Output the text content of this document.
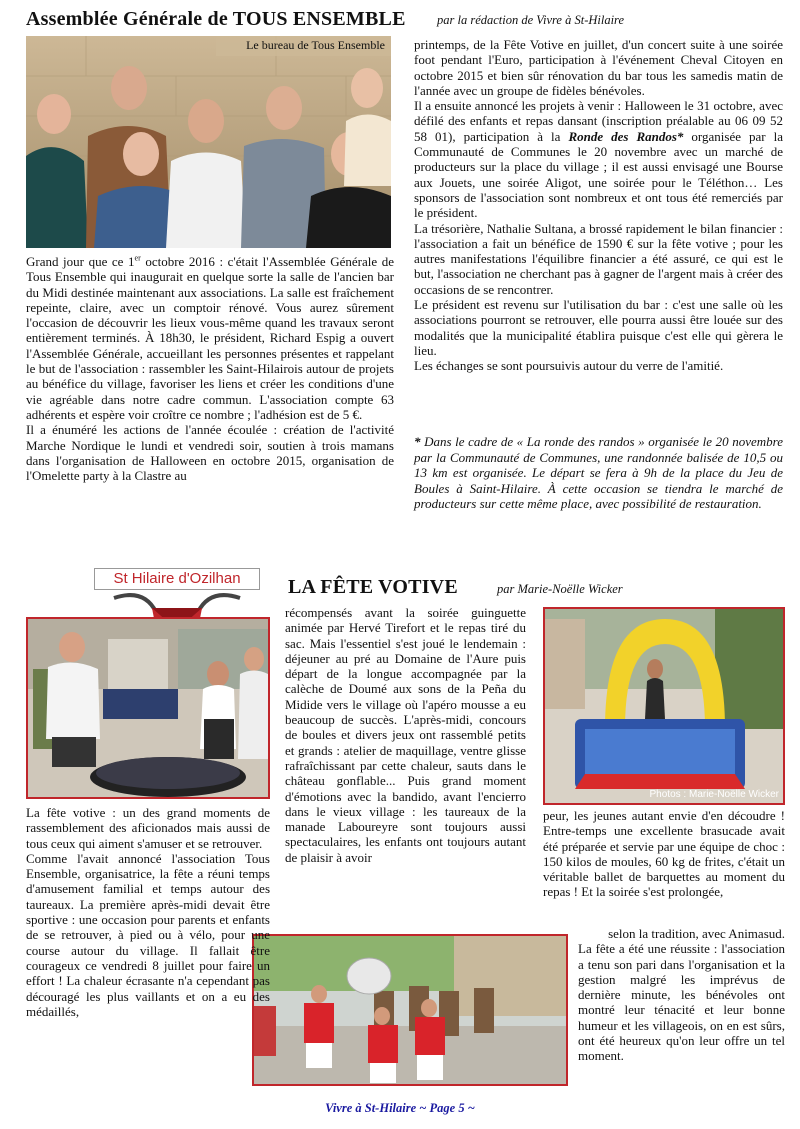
Assemblée Générale de TOUS ENSEMBLE	par la rédaction de Vivre à St-Hilaire
Le bureau de Tous Ensemble

Grand jour que ce 1er octobre 2016 : c'était l'Assemblée Générale de Tous Ensemble qui inaugurait en quelque sorte la salle de l'ancien bar du Midi destinée maintenant aux associations. La salle est fraîchement repeinte, claire, avec un comptoir rénové. Vous aurez sûrement l'occasion de découvrir les lieux vous-même quand les travaux seront entièrement terminés. À 18h30, le président, Richard Espig a ouvert l'Assemblée Générale, accueillant les personnes présentes et rappelant le but de l'association : rassembler les Saint-Hilairois autour de projets au bénéfice du village, favoriser les liens et créer les conditions d'une vie agréable dans notre cadre commun. L'association compte 63 adhérents et espère voir croître ce nombre ; l'adhésion est de 5 €.

Il a énuméré les actions de l'année écoulée : création de l'activité Marche Nordique le lundi et vendredi soir, soutien à trois mamans dans l'organisation de Halloween en octobre 2015, organisation de l'Omelette party à la Clastre au

printemps, de la Fête Votive en juillet, d'un concert suite à une soirée foot pendant l'Euro, participation à l'événement Cheval Citoyen en octobre 2015 et bien sûr rénovation du bar tous les samedis matin de l'année avec un groupe de fidèles bénévoles.

Il a ensuite annoncé les projets à venir : Halloween le 31 octobre, avec défilé des enfants et repas dansant (inscription préalable au 06 09 52 58 01), participation à la Ronde des Randos* organisée par la Communauté de Communes le 20 novembre avec un marché de producteurs sur la place du village ; il est aussi envisagé une Bourse aux Jouets, une soirée Aligot, une soirée pour le Téléthon… Les sponsors de l'association sont nombreux et ont tous été remerciés par le président.

La trésorière, Nathalie Sultana, a brossé rapidement le bilan financier : l'association a fait un bénéfice de 1590 € sur la fête votive ; pour les autres manifestations l'équilibre financier a été assuré, ce qui est le but, l'association ne cherchant pas à gagner de l'argent mais à créer des occasions de se rencontrer.

Le président est revenu sur l'utilisation du bar : c'est une salle où les associations pourront se retrouver, elle pourra aussi être louée sur des modalités que la municipalité établira puisque c'est elle qui gèrera le lieu.

Les échanges se sont poursuivis autour du verre de l'amitié.

* Dans le cadre de « La ronde des randos » organisée le 20 novembre par la Communauté de Communes, une randonnée balisée de 10,5 ou 13 km est organisée. Le départ se fera à 9h de la place du Jeu de Boules à Saint-Hilaire. À cette occasion se tiendra le marché de producteurs sur cette même place, avec possibilité de restauration.
St Hilaire d'Ozilhan	LA FÊTE VOTIVE	par Marie-Noëlle Wicker
Photos : Marie-Noëlle Wicker

La fête votive : un des grand moments de rassemblement des aficionados mais aussi de tous ceux qui aiment s'amuser et se retrouver.

Comme l'avait annoncé l'association Tous Ensemble, organisatrice, la fête a réuni temps d'amusement familial et temps autour des taureaux. La première après-midi devait être sportive : une occasion pour parents et enfants de se retrouver, à pied ou à vélo, pour une course autour du village. Il fallait être courageux ce vendredi 8 juillet pour faire un effort ! La chaleur écrasante n'a cependant pas découragé les plus vaillants et on a eu des médaillés,

récompensés avant la soirée guinguette animée par Hervé Tirefort et le repas tiré du sac. Mais l'essentiel s'est joué le lendemain : déjeuner au pré au Domaine de l'Aure puis départ de la longue accompagnée par la calèche de Doumé aux sons de la Peña du Midide vers le village où l'apéro mousse a eu beaucoup de succès. L'après-midi, concours de boules et divers jeux ont rassemblé petits et grands : atelier de maquillage, ventre glisse rafraîchissant par cette chaleur, sauts dans le château gonflable... Puis grand moment d'émotions avec la bandido, avant l'encierro dans le vieux village : les taureaux de la manade Laboureyre sont toujours aussi spectaculaires, les enfants ont toujours autant de plaisir à avoir

peur, les jeunes autant envie d'en découdre ! Entre-temps une excellente brasucade avait été préparée et servie par une équipe de choc : 150 kilos de moules, 60 kg de frites, c'était un véritable ballet de barquettes au moment du repas ! Et la soirée s'est prolongée,

selon la tradition, avec Animasud.

La fête a été une réussite : l'association a tenu son pari dans l'organisation et la gestion malgré les imprévus de dernière minute, les bénévoles ont montré leur ténacité et leur bonne humeur et les villageois, on en est sûrs, ont été heureux qu'on leur offre un tel moment.

Vivre à St-Hilaire ~ Page 5 ~
